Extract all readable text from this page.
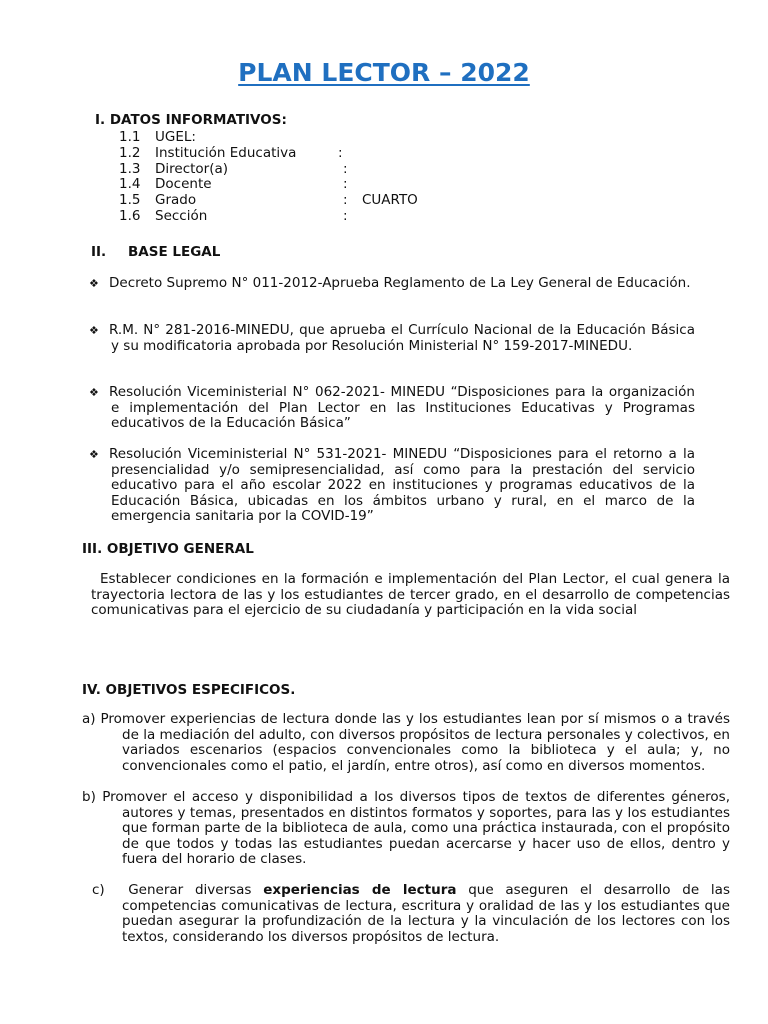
PLAN LECTOR – 2022
I. DATOS INFORMATIVOS:
1.1 UGEL:
1.2 Institución Educativa	:
1.3 Director(a)	:
1.4 Docente	:
1.5 Grado	: CUARTO
1.6 Sección	:
II. BASE LEGAL
❖ Decreto Supremo N° 011-2012-Aprueba Reglamento de La Ley General de Educación.

❖ R.M. N° 281-2016-MINEDU, que aprueba el Currículo Nacional de la Educación Básica y su modificatoria aprobada por Resolución Ministerial N° 159-2017-MINEDU.

❖ Resolución Viceministerial N° 062-2021- MINEDU “Disposiciones para la organización e implementación del Plan Lector en las Instituciones Educativas y Programas educativos de la Educación Básica”

❖ Resolución Viceministerial N° 531-2021- MINEDU “Disposiciones para el retorno a la presencialidad y/o semipresencialidad, así como para la prestación del servicio educativo para el año escolar 2022 en instituciones y programas educativos de la Educación Básica, ubicadas en los ámbitos urbano y rural, en el marco de la emergencia sanitaria por la COVID-19”

III. OBJETIVO GENERAL
Establecer condiciones en la formación e implementación del Plan Lector, el cual genera la trayectoria lectora de las y los estudiantes de tercer grado, en el desarrollo de competencias comunicativas para el ejercicio de su ciudadanía y participación en la vida social
IV. OBJETIVOS ESPECIFICOS.
a) Promover experiencias de lectura donde las y los estudiantes lean por sí mismos o a través de la mediación del adulto, con diversos propósitos de lectura personales y colectivos, en variados escenarios (espacios convencionales como la biblioteca y el aula; y, no convencionales como el patio, el jardín, entre otros), así como en diversos momentos.
b) Promover el acceso y disponibilidad a los diversos tipos de textos de diferentes géneros, autores y temas, presentados en distintos formatos y soportes, para las y los estudiantes que forman parte de la biblioteca de aula, como una práctica instaurada, con el propósito de que todos y todas las estudiantes puedan acercarse y hacer uso de ellos, dentro y fuera del horario de clases.
c) Generar diversas experiencias de lectura que aseguren el desarrollo de las competencias comunicativas de lectura, escritura y oralidad de las y los estudiantes que puedan asegurar la profundización de la lectura y la vinculación de los lectores con los textos, considerando los diversos propósitos de lectura.
